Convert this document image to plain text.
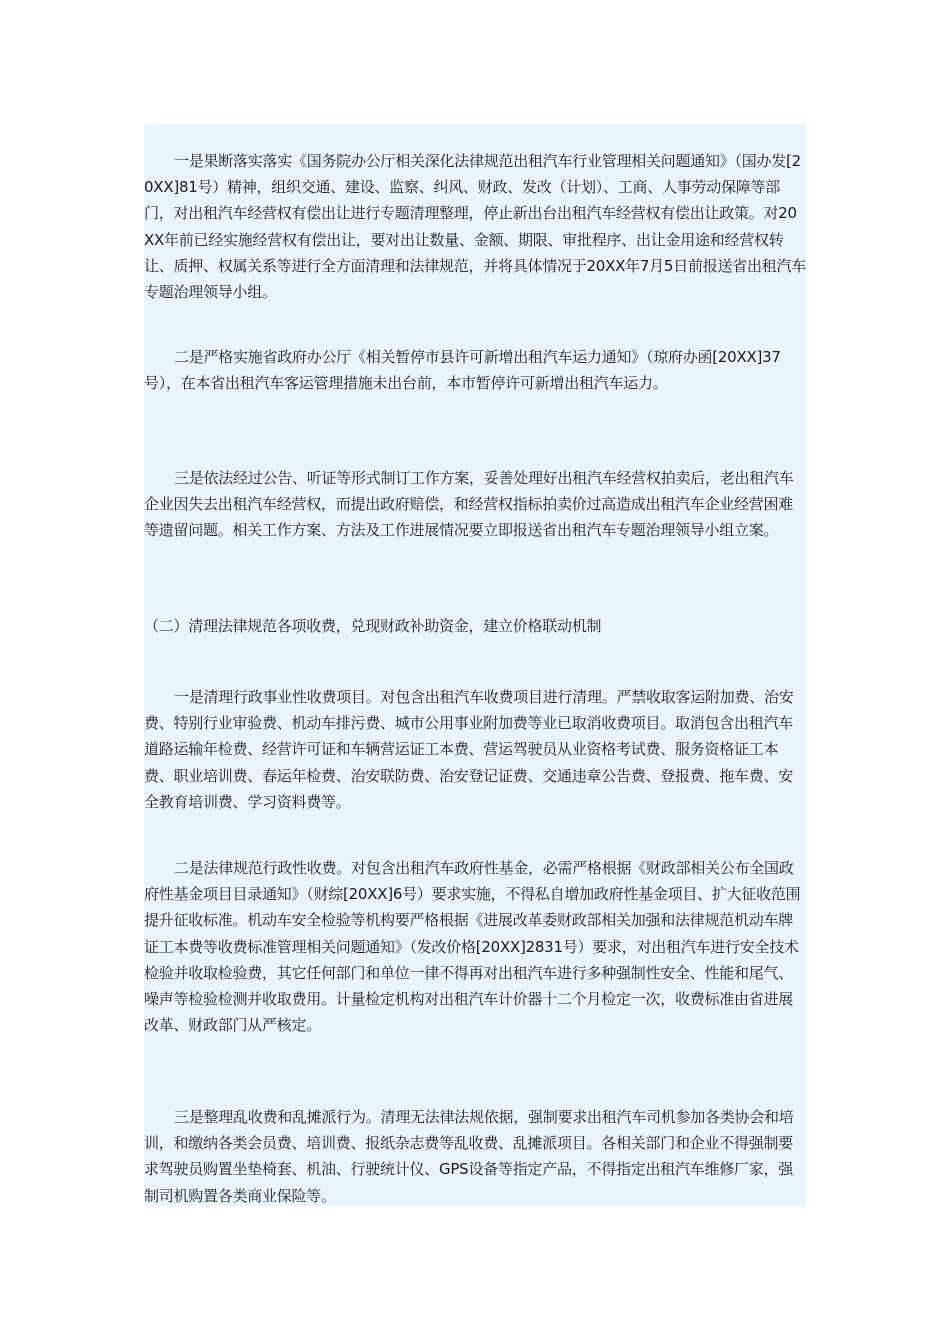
一是果断落实落实《国务院办公厅相关深化法律规范出租汽车行业管理相关问题通知》（国办发[20XX]81号）精神，组织交通、建设、监察、纠风、财政、发改（计划）、工商、人事劳动保障等部门，对出租汽车经营权有偿出让进行专题清理整理，停止新出台出租汽车经营权有偿出让政策。对20XX年前已经实施经营权有偿出让，要对出让数量、金额、期限、审批程序、出让金用途和经营权转让、质押、权属关系等进行全方面清理和法律规范，并将具体情况于20XX年7月5日前报送省出租汽车专题治理领导小组。

二是严格实施省政府办公厅《相关暂停市县许可新增出租汽车运力通知》（琼府办函[20XX]37号），在本省出租汽车客运管理措施未出台前，本市暂停许可新增出租汽车运力。

三是依法经过公告、听证等形式制订工作方案，妥善处理好出租汽车经营权拍卖后，老出租汽车企业因失去出租汽车经营权，而提出政府赔偿，和经营权指标拍卖价过高造成出租汽车企业经营困难等遗留问题。相关工作方案、方法及工作进展情况要立即报送省出租汽车专题治理领导小组立案。

（二）清理法律规范各项收费，兑现财政补助资金，建立价格联动机制

一是清理行政事业性收费项目。对包含出租汽车收费项目进行清理。严禁收取客运附加费、治安费、特别行业审验费、机动车排污费、城市公用事业附加费等业已取消收费项目。取消包含出租汽车道路运输年检费、经营许可证和车辆营运证工本费、营运驾驶员从业资格考试费、服务资格证工本费、职业培训费、春运年检费、治安联防费、治安登记证费、交通违章公告费、登报费、拖车费、安全教育培训费、学习资料费等。

二是法律规范行政性收费。对包含出租汽车政府性基金，必需严格根据《财政部相关公布全国政府性基金项目目录通知》（财综[20XX]6号）要求实施，不得私自增加政府性基金项目、扩大征收范围提升征收标准。机动车安全检验等机构要严格根据《进展改革委财政部相关加强和法律规范机动车牌证工本费等收费标准管理相关问题通知》（发改价格[20XX]2831号）要求，对出租汽车进行安全技术检验并收取检验费，其它任何部门和单位一律不得再对出租汽车进行多种强制性安全、性能和尾气、噪声等检验检测并收取费用。计量检定机构对出租汽车计价器十二个月检定一次，收费标准由省进展改革、财政部门从严核定。

三是整理乱收费和乱摊派行为。清理无法律法规依据，强制要求出租汽车司机参加各类协会和培训，和缴纳各类会员费、培训费、报纸杂志费等乱收费、乱摊派项目。各相关部门和企业不得强制要求驾驶员购置坐垫椅套、机油、行驶统计仪、GPS设备等指定产品，不得指定出租汽车维修厂家，强制司机购置各类商业保险等。
